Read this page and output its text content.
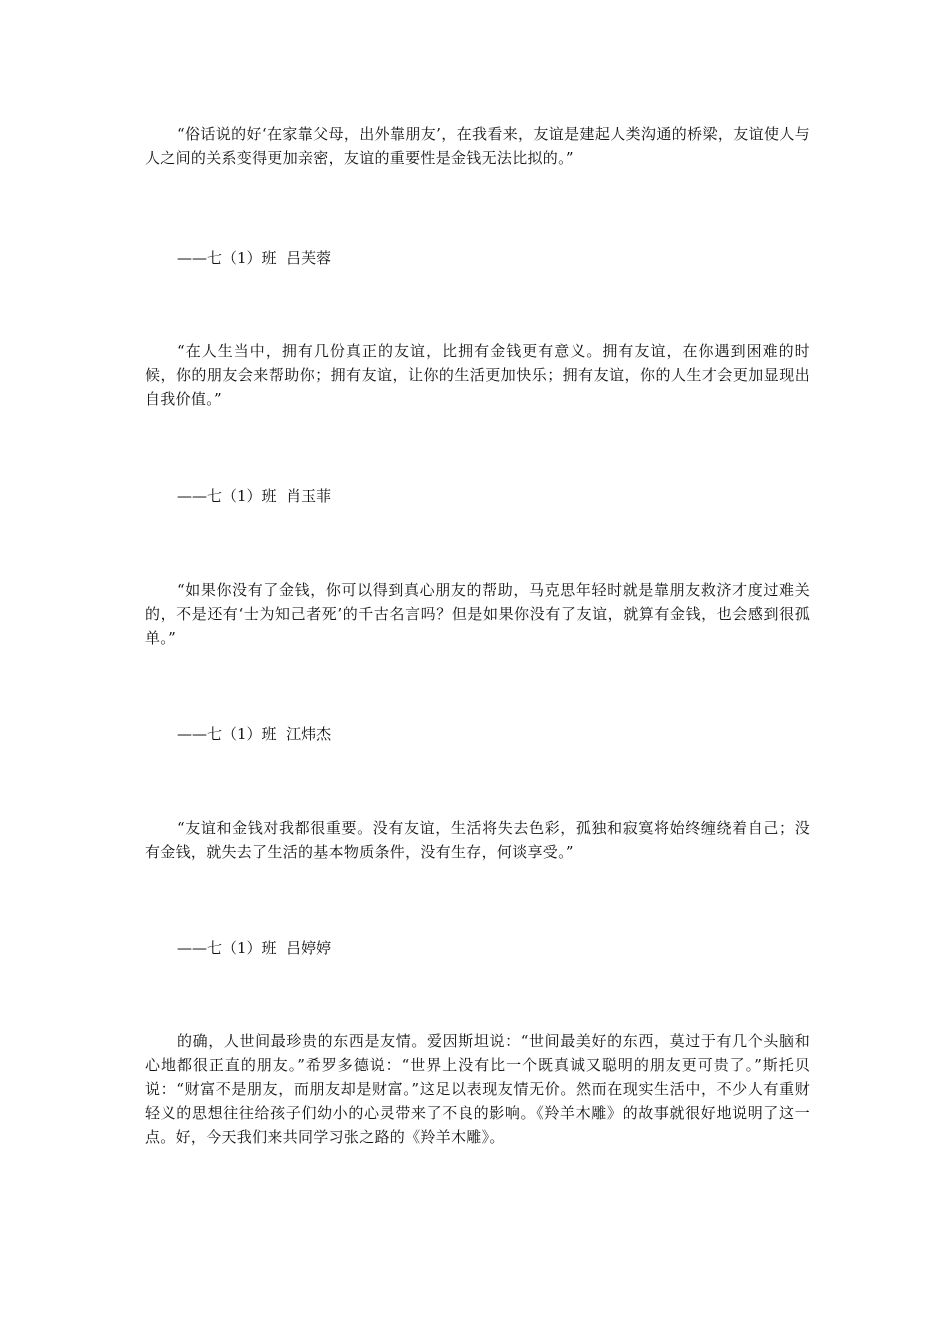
“俗话说的好‘在家靠父母，出外靠朋友’，在我看来，友谊是建起人类沟通的桥梁，友谊使人与人之间的关系变得更加亲密，友谊的重要性是金钱无法比拟的。”

——七（1）班  吕芙蓉

“在人生当中，拥有几份真正的友谊，比拥有金钱更有意义。拥有友谊，在你遇到困难的时候，你的朋友会来帮助你；拥有友谊，让你的生活更加快乐；拥有友谊，你的人生才会更加显现出自我价值。”

——七（1）班  肖玉菲

“如果你没有了金钱，你可以得到真心朋友的帮助，马克思年轻时就是靠朋友救济才度过难关的，不是还有‘士为知己者死’的千古名言吗？但是如果你没有了友谊，就算有金钱，也会感到很孤单。”

——七（1）班  江炜杰

“友谊和金钱对我都很重要。没有友谊，生活将失去色彩，孤独和寂寞将始终缠绕着自己；没有金钱，就失去了生活的基本物质条件，没有生存，何谈享受。”

——七（1）班  吕婷婷

的确，人世间最珍贵的东西是友情。爱因斯坦说：“世间最美好的东西，莫过于有几个头脑和心地都很正直的朋友。”希罗多德说：“世界上没有比一个既真诚又聪明的朋友更可贵了。”斯托贝说：“财富不是朋友，而朋友却是财富。”这足以表现友情无价。然而在现实生活中，不少人有重财轻义的思想往往给孩子们幼小的心灵带来了不良的影响。《羚羊木雕》的故事就很好地说明了这一点。好，今天我们来共同学习张之路的《羚羊木雕》。
